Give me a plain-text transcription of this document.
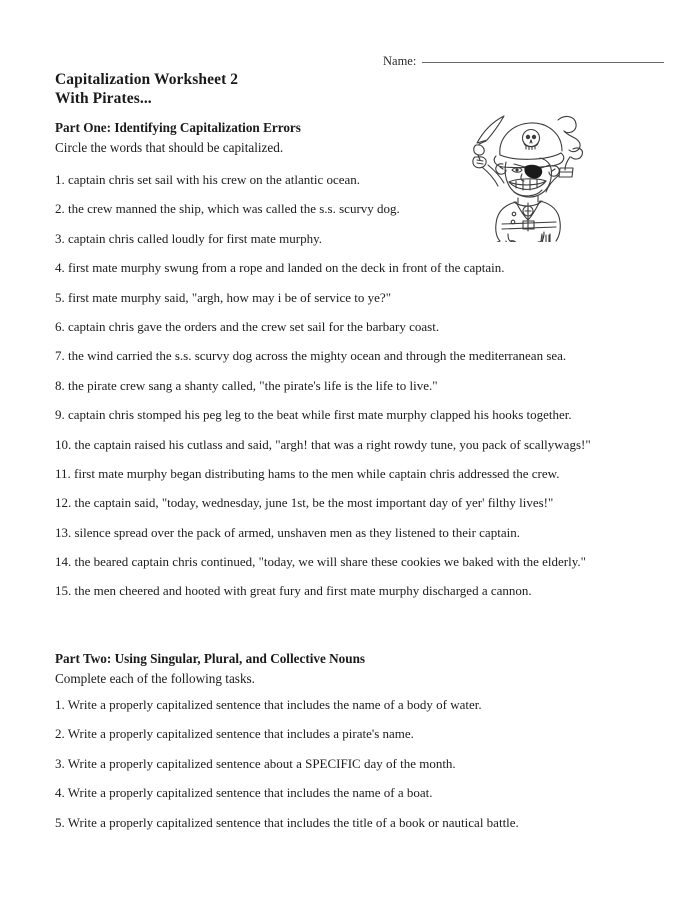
Name:
Capitalization Worksheet 2
With Pirates...
Part One: Identifying Capitalization Errors
Circle the words that should be capitalized.
1. captain chris set sail with his crew on the atlantic ocean.
2. the crew manned the ship, which was called the s.s. scurvy dog.
3. captain chris called loudly for first mate murphy.
4. first mate murphy swung from a rope and landed on the deck in front of the captain.
5. first mate murphy said, "argh, how may i be of service to ye?"
6. captain chris gave the orders and the crew set sail for the barbary coast.
7. the wind carried the s.s. scurvy dog across the mighty ocean and through the mediterranean sea.
8. the pirate crew sang a shanty called, "the pirate's life is the life to live."
9. captain chris stomped his peg leg to the beat while first mate murphy clapped his hooks together.
10. the captain raised his cutlass and said, "argh! that was a right rowdy tune, you pack of scallywags!"
11. first mate murphy began distributing hams to the men while captain chris addressed the crew.
12. the captain said, "today, wednesday, june 1st, be the most important day of yer' filthy lives!"
13. silence spread over the pack of armed, unshaven men as they listened to their captain.
14. the beared captain chris continued, "today, we will share these cookies we baked with the elderly."
15. the men cheered and hooted with great fury and first mate murphy discharged a cannon.
Part Two: Using Singular, Plural, and Collective Nouns
Complete each of the following tasks.
1. Write a properly capitalized sentence that includes the name of a body of water.
2. Write a properly capitalized sentence that includes a pirate's name.
3. Write a properly capitalized sentence about a SPECIFIC day of the month.
4. Write a properly capitalized sentence that includes the name of a boat.
5. Write a properly capitalized sentence that includes the title of a book or nautical battle.
